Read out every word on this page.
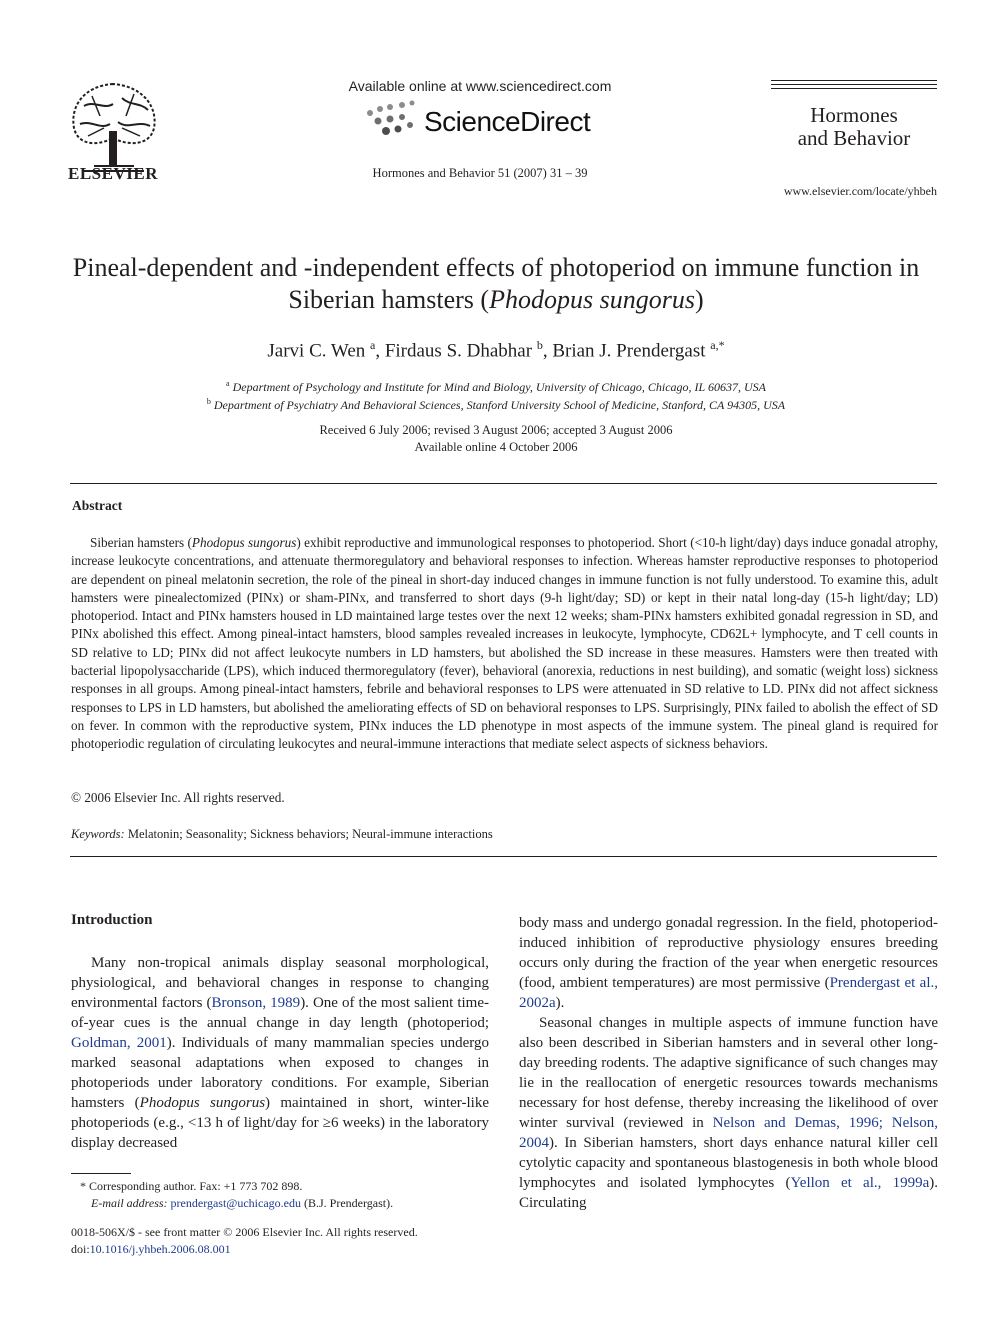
ELSEVIER
Available online at www.sciencedirect.com
ScienceDirect
Hormones and Behavior 51 (2007) 31 – 39
Hormones
and Behavior
www.elsevier.com/locate/yhbeh
Pineal-dependent and -independent effects of photoperiod on immune function in Siberian hamsters (Phodopus sungorus)
Jarvi C. Wen $^a$, Firdaus S. Dhabhar $^b$, Brian J. Prendergast $^{a,*}$
$^a$ Department of Psychology and Institute for Mind and Biology, University of Chicago, Chicago, IL 60637, USA
$^b$ Department of Psychiatry And Behavioral Sciences, Stanford University School of Medicine, Stanford, CA 94305, USA
Received 6 July 2006; revised 3 August 2006; accepted 3 August 2006
Available online 4 October 2006
Abstract
Siberian hamsters (Phodopus sungorus) exhibit reproductive and immunological responses to photoperiod. Short (<10-h light/day) days induce gonadal atrophy, increase leukocyte concentrations, and attenuate thermoregulatory and behavioral responses to infection. Whereas hamster reproductive responses to photoperiod are dependent on pineal melatonin secretion, the role of the pineal in short-day induced changes in immune function is not fully understood. To examine this, adult hamsters were pinealectomized (PINx) or sham-PINx, and transferred to short days (9-h light/day; SD) or kept in their natal long-day (15-h light/day; LD) photoperiod. Intact and PINx hamsters housed in LD maintained large testes over the next 12 weeks; sham-PINx hamsters exhibited gonadal regression in SD, and PINx abolished this effect. Among pineal-intact hamsters, blood samples revealed increases in leukocyte, lymphocyte, CD62L+ lymphocyte, and T cell counts in SD relative to LD; PINx did not affect leukocyte numbers in LD hamsters, but abolished the SD increase in these measures. Hamsters were then treated with bacterial lipopolysaccharide (LPS), which induced thermoregulatory (fever), behavioral (anorexia, reductions in nest building), and somatic (weight loss) sickness responses in all groups. Among pineal-intact hamsters, febrile and behavioral responses to LPS were attenuated in SD relative to LD. PINx did not affect sickness responses to LPS in LD hamsters, but abolished the ameliorating effects of SD on behavioral responses to LPS. Surprisingly, PINx failed to abolish the effect of SD on fever. In common with the reproductive system, PINx induces the LD phenotype in most aspects of the immune system. The pineal gland is required for photoperiodic regulation of circulating leukocytes and neural-immune interactions that mediate select aspects of sickness behaviors.
© 2006 Elsevier Inc. All rights reserved.
Keywords: Melatonin; Seasonality; Sickness behaviors; Neural-immune interactions
Introduction
Many non-tropical animals display seasonal morphological, physiological, and behavioral changes in response to changing environmental factors (Bronson, 1989). One of the most salient time-of-year cues is the annual change in day length (photoperiod; Goldman, 2001). Individuals of many mammalian species undergo marked seasonal adaptations when exposed to changes in photoperiods under laboratory conditions. For example, Siberian hamsters (Phodopus sungorus) maintained in short, winter-like photoperiods (e.g., <13 h of light/day for ≥6 weeks) in the laboratory display decreased

body mass and undergo gonadal regression. In the field, photoperiod-induced inhibition of reproductive physiology ensures breeding occurs only during the fraction of the year when energetic resources (food, ambient temperatures) are most permissive (Prendergast et al., 2002a).

Seasonal changes in multiple aspects of immune function have also been described in Siberian hamsters and in several other long-day breeding rodents. The adaptive significance of such changes may lie in the reallocation of energetic resources towards mechanisms necessary for host defense, thereby increasing the likelihood of over winter survival (reviewed in Nelson and Demas, 1996; Nelson, 2004). In Siberian hamsters, short days enhance natural killer cell cytolytic capacity and spontaneous blastogenesis in both whole blood lymphocytes and isolated lymphocytes (Yellon et al., 1999a). Circulating

* Corresponding author. Fax: +1 773 702 898.
E-mail address: prendergast@uchicago.edu (B.J. Prendergast).
0018-506X/$ - see front matter © 2006 Elsevier Inc. All rights reserved.
doi:10.1016/j.yhbeh.2006.08.001
